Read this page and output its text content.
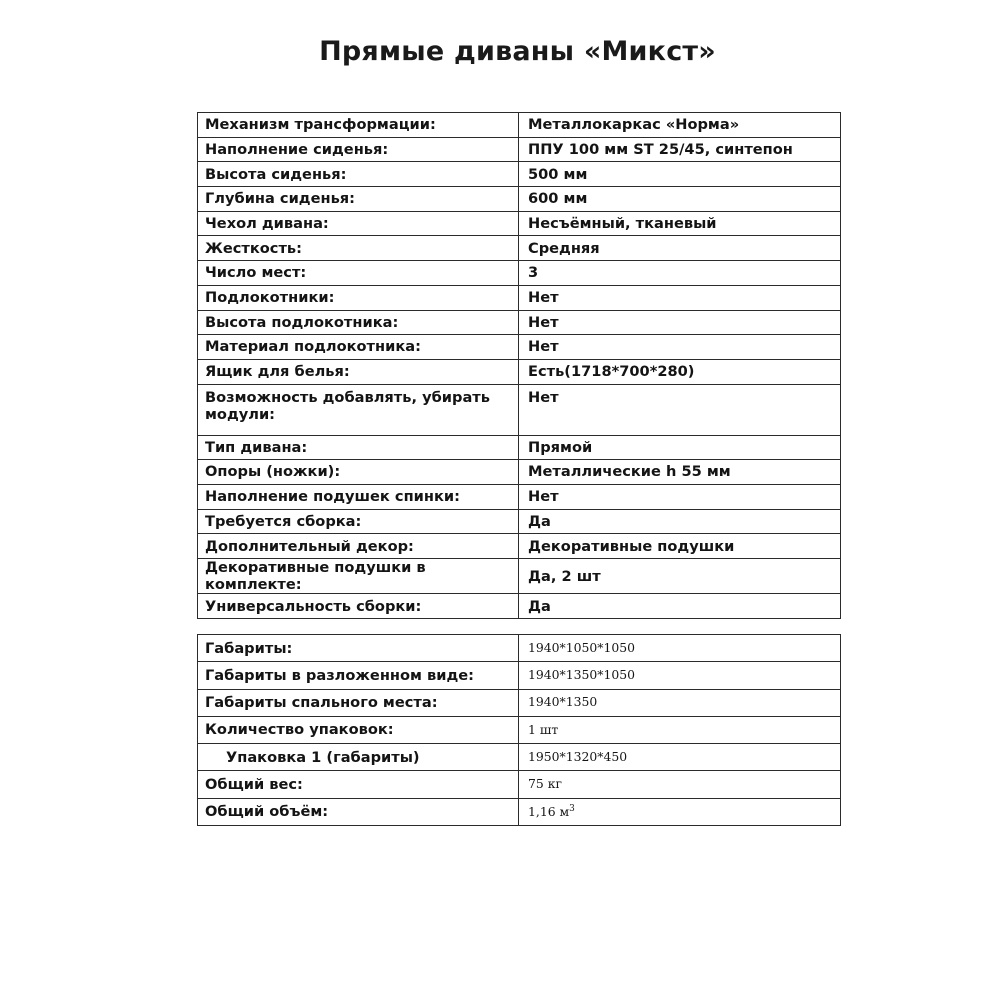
Прямые диваны «Микст»
Механизм трансформации:	Металлокаркас «Норма»
Наполнение сиденья:	ППУ 100 мм ST 25/45, синтепон
Высота сиденья:	500 мм
Глубина сиденья:	600 мм
Чехол дивана:	Несъёмный, тканевый
Жесткость:	Средняя
Число мест:	3
Подлокотники:	Нет
Высота подлокотника:	Нет
Материал подлокотника:	Нет
Ящик для белья:	Есть(1718*700*280)
Возможность добавлять, убирать модули:	Нет
Тип дивана:	Прямой
Опоры (ножки):	Металлические h 55 мм
Наполнение подушек спинки:	Нет
Требуется сборка:	Да
Дополнительный декор:	Декоративные подушки
Декоративные подушки в комплекте:	Да, 2 шт
Универсальность сборки:	Да
Габариты:	1940*1050*1050
Габариты в разложенном виде:	1940*1350*1050
Габариты спального места:	1940*1350
Количество упаковок:	1 шт
Упаковка 1 (габариты)	1950*1320*450
Общий вес:	75 кг
Общий объём:	1,16 $м^3$
